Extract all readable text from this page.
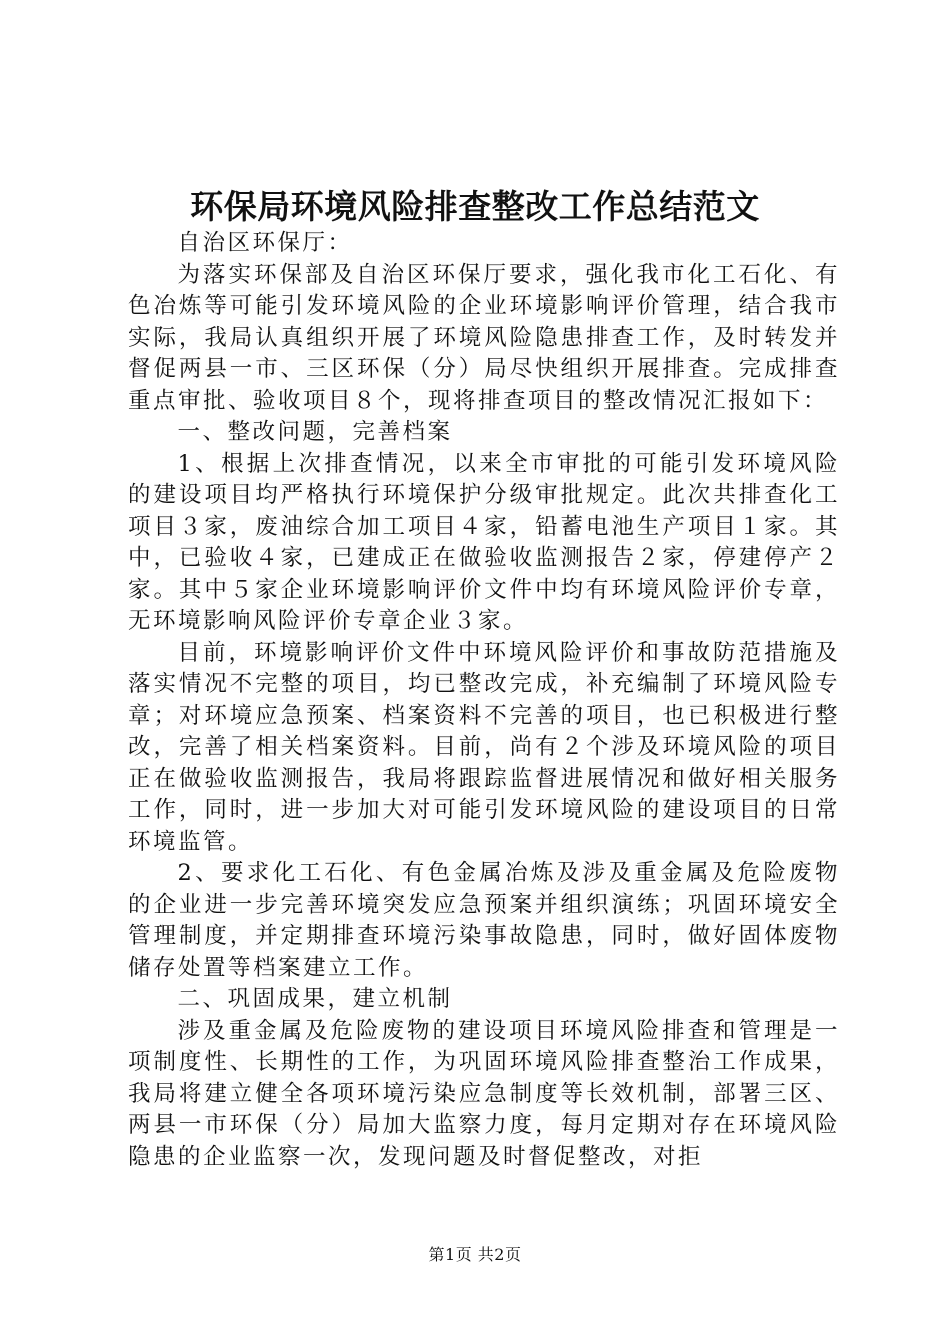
环保局环境风险排查整改工作总结范文

自治区环保厅：

为落实环保部及自治区环保厅要求，强化我市化工石化、有色冶炼等可能引发环境风险的企业环境影响评价管理，结合我市实际，我局认真组织开展了环境风险隐患排查工作，及时转发并督促两县一市、三区环保（分）局尽快组织开展排查。完成排查重点审批、验收项目８个，现将排查项目的整改情况汇报如下：

一、整改问题，完善档案

1、根据上次排查情况，以来全市审批的可能引发环境风险的建设项目均严格执行环境保护分级审批规定。此次共排查化工项目３家，废油综合加工项目４家，铅蓄电池生产项目１家。其中，已验收４家，已建成正在做验收监测报告２家，停建停产２家。其中５家企业环境影响评价文件中均有环境风险评价专章，无环境影响风险评价专章企业３家。

目前，环境影响评价文件中环境风险评价和事故防范措施及落实情况不完整的项目，均已整改完成，补充编制了环境风险专章；对环境应急预案、档案资料不完善的项目，也已积极进行整改，完善了相关档案资料。目前，尚有２个涉及环境风险的项目正在做验收监测报告，我局将跟踪监督进展情况和做好相关服务工作，同时，进一步加大对可能引发环境风险的建设项目的日常环境监管。

2、要求化工石化、有色金属冶炼及涉及重金属及危险废物的企业进一步完善环境突发应急预案并组织演练；巩固环境安全管理制度，并定期排查环境污染事故隐患，同时，做好固体废物储存处置等档案建立工作。

二、巩固成果，建立机制

涉及重金属及危险废物的建设项目环境风险排查和管理是一项制度性、长期性的工作，为巩固环境风险排查整治工作成果，我局将建立健全各项环境污染应急制度等长效机制，部署三区、两县一市环保（分）局加大监察力度，每月定期对存在环境风险隐患的企业监察一次，发现问题及时督促整改，对拒

第1页 共2页
